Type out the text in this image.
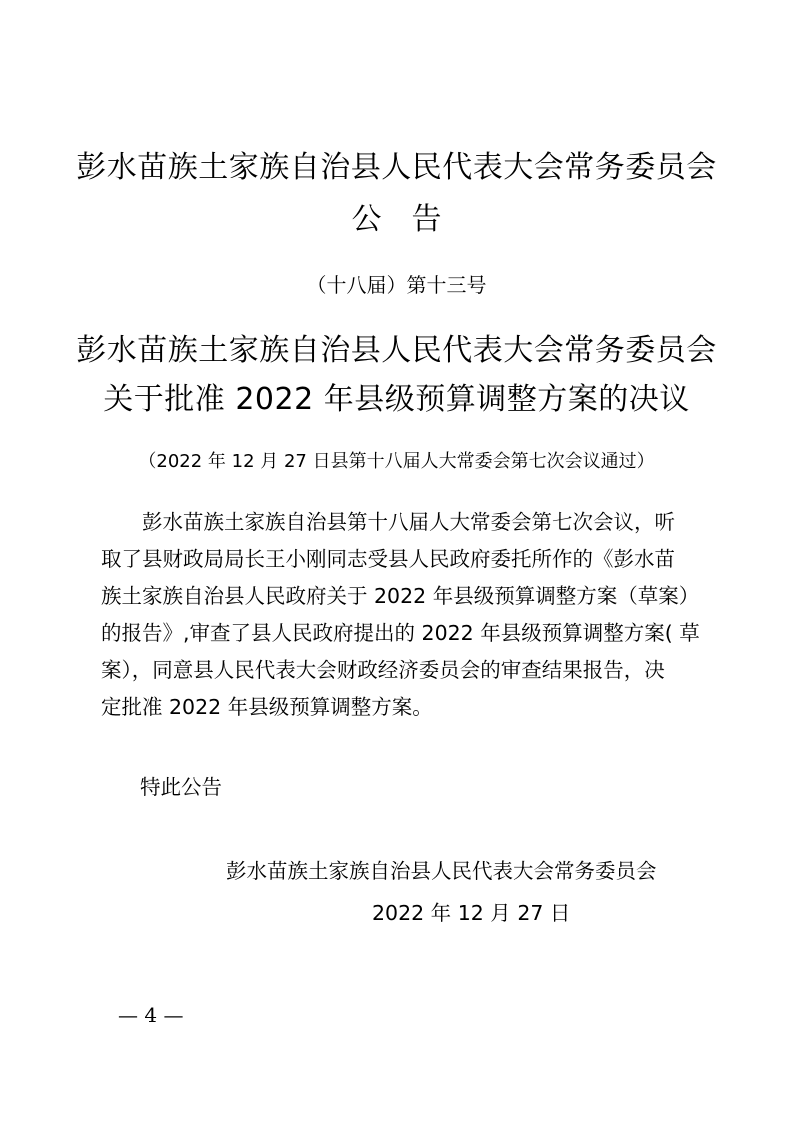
彭水苗族土家族自治县人民代表大会常务委员会
公　告
（十八届）第十三号
彭水苗族土家族自治县人民代表大会常务委员会
关于批准 2022 年县级预算调整方案的决议
（2022 年 12 月 27 日县第十八届人大常委会第七次会议通过）
彭水苗族土家族自治县第十八届人大常委会第七次会议，听
取了县财政局局长王小刚同志受县人民政府委托所作的《彭水苗
族土家族自治县人民政府关于 2022 年县级预算调整方案（草案）
的报告》,审查了县人民政府提出的 2022 年县级预算调整方案( 草
案），同意县人民代表大会财政经济委员会的审查结果报告，决
定批准 2022 年县级预算调整方案。
特此公告
彭水苗族土家族自治县人民代表大会常务委员会
2022 年 12 月 27 日
— 4 —
